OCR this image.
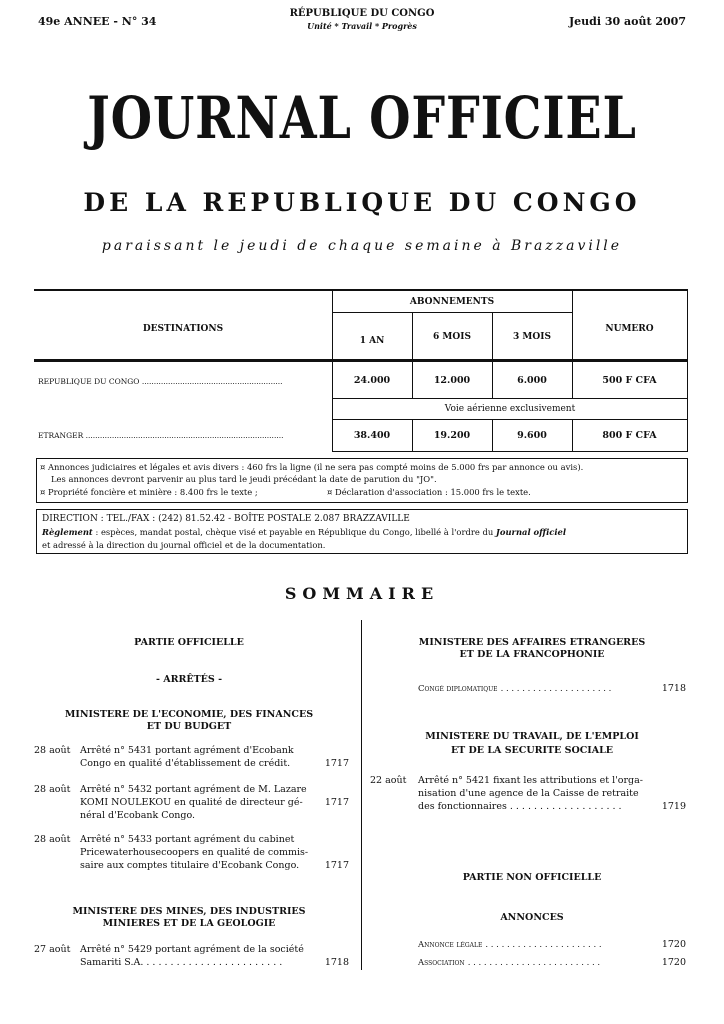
49e ANNEE - N° 34
RÉPUBLIQUE DU CONGO
Unité * Travail * Progrès	Jeudi 30 août 2007
JOURNAL OFFICIEL
DE LA REPUBLIQUE DU CONGO
paraissant le jeudi de chaque semaine à Brazzaville
DESTINATIONS
ABONNEMENTS
1 AN	6 MOIS	3 MOIS
NUMERO
REPUBLIQUE DU CONGO ...........................................................	24.000	12.000	6.000	500 F CFA
Voie aérienne exclusivement
ETRANGER ...................................................................................	38.400	19.200	9.600	800 F CFA
¤ Annonces judiciaires et légales et avis divers : 460 frs la ligne (il ne sera pas compté moins de 5.000 frs par annonce ou avis).
Les annonces devront parvenir au plus tard le jeudi précédant la date de parution du "JO".
¤ Propriété foncière et minière : 8.400 frs le texte ;	¤ Déclaration d'association : 15.000 frs le texte.
DIRECTION : TEL./FAX : (242) 81.52.42 - BOÎTE POSTALE 2.087 BRAZZAVILLE
Règlement : espèces, mandat postal, chèque visé et payable en République du Congo, libellé à l'ordre du Journal officiel
et adressé à la direction du journal officiel et de la documentation.
SOMMAIRE
PARTIE OFFICIELLE
- ARRÊTÉS -
MINISTERE DE L'ECONOMIE, DES FINANCES
ET DU BUDGET
28 août	Arrêté n° 5431 portant agrément d'Ecobank
Congo en qualité d'établissement de crédit.	1717
28 août	Arrêté n° 5432 portant agrément de M. Lazare
KOMI NOULEKOU en qualité de directeur gé-
néral d'Ecobank Congo.
1717
28 août	Arrêté n° 5433 portant agrément du cabinet
Pricewaterhousecoopers en qualité de commis-
saire aux comptes titulaire d'Ecobank Congo.	1717
MINISTERE DES MINES, DES INDUSTRIES
MINIERES ET DE LA GEOLOGIE
27 août	Arrêté n° 5429 portant agrément de la société
Samariti S.A. . . . . . . . . . . . . . . . . . . . . . . .	1718
MINISTERE DES AFFAIRES ETRANGERES
ET DE LA FRANCOPHONIE
Congé diplomatique . . . . . . . . . . . . . . . . . . . . .	1718
MINISTERE DU TRAVAIL, DE L'EMPLOI
ET DE LA SECURITE SOCIALE
22 août	Arrêté n° 5421 fixant les attributions et l'orga-
nisation d'une agence de la Caisse de retraite
des fonctionnaires . . . . . . . . . . . . . . . . . . .	1719
PARTIE NON OFFICIELLE
ANNONCES
Annonce légale . . . . . . . . . . . . . . . . . . . . . .	1720
Association . . . . . . . . . . . . . . . . . . . . . . . . .	1720
